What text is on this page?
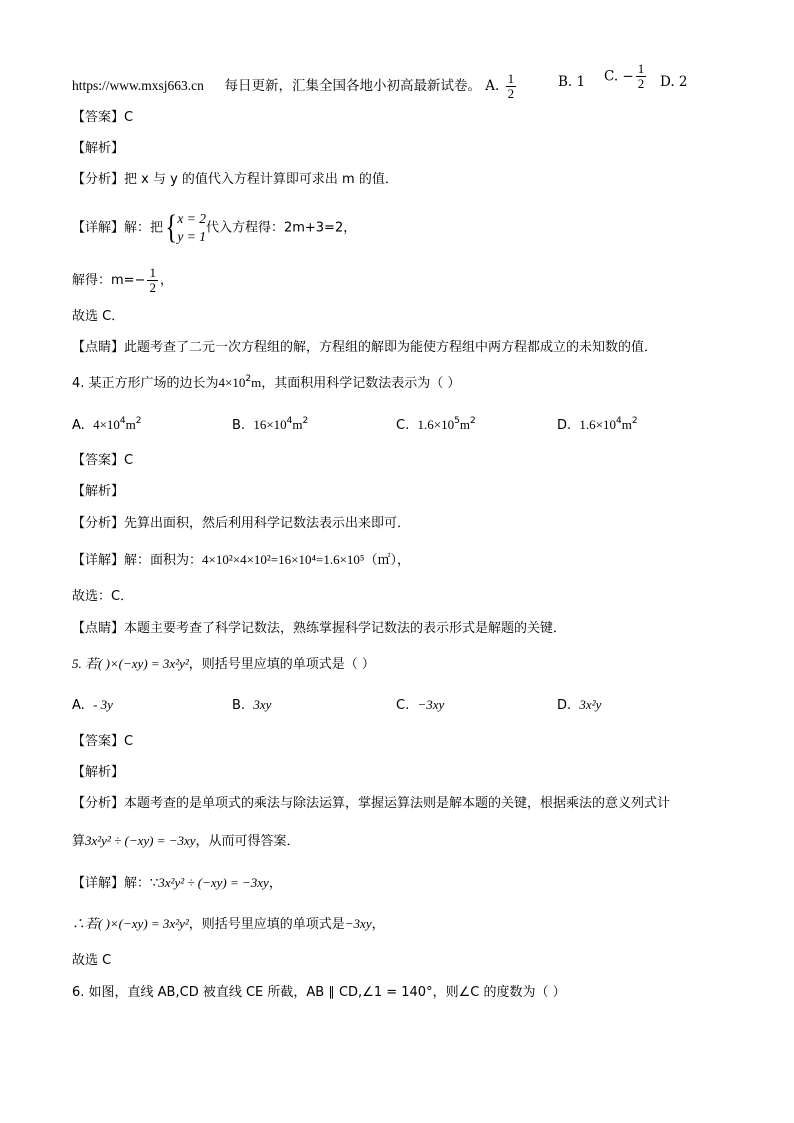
https://www.mxsj663.cn 每日更新，汇集全国各地小初高最新试卷。 A. $\frac{1}{2}$	B. 1 C. − $\frac{1}{2} D$. 2
【答案】C
【解析】
【分析】把 x 与 y 的值代入方程计算即可求出 m 的值．
【详解】解：把{ x = 2
y = 1
代入方程得：2m+3=2，
解得：$m=- \frac{1}{2}$ ，
故选 C．
【点睛】此题考查了二元一次方程组的解，方程组的解即为能使方程组中两方程都成立的未知数的值．
4. 某正方形广场的边长为$4\times 10^2m$，其面积用科学记数法表示为（ ）
A. $4\times 10^4m^2$	B. $16\times 10^4m^2$	C. $1.6\times 10^5m^2$	D. $1.6\times 10^4m^2$
【答案】C
【解析】
【分析】先算出面积，然后利用科学记数法表示出来即可．
【详解】解：面积为：4×10²×4×10²=16×10⁴=1.6×10⁵（㎡），
故选：C．
【点睛】本题主要考查了科学记数法，熟练掌握科学记数法的表示形式是解题的关键．
5. 若( )×(−xy) = 3x²y²，则括号里应填的单项式是（ ）
A. - 3y	B. 3xy	C. −3xy	D. 3x²y
【答案】C
【解析】
【分析】本题考查的是单项式的乘法与除法运算，掌握运算法则是解本题的关键，根据乘法的意义列式计
算3x²y² ÷ (−xy) = −3xy，从而可得答案．
【详解】解：∵3x²y² ÷ (−xy) = −3xy，
∴若( )×(−xy) = 3x²y²，则括号里应填的单项式是−3xy，
故选 C
6. 如图，直线 AB,CD 被直线 CE 所截，AB ∥ CD,∠1 = 140°，则∠C 的度数为（ ）
